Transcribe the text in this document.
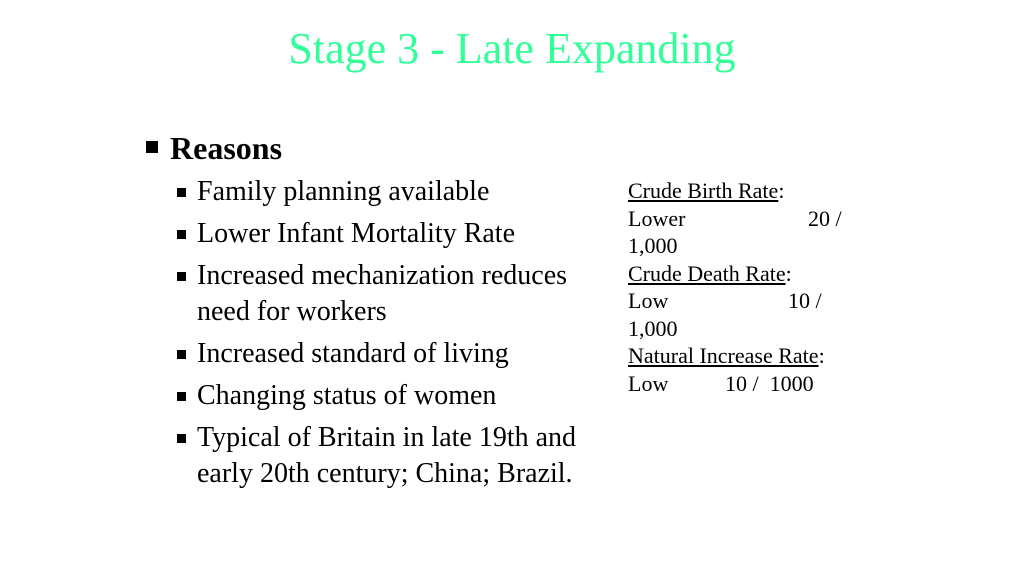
Stage 3 - Late Expanding
Reasons
Family planning available
Lower Infant Mortality Rate
Increased mechanization reduces need for workers
Increased standard of living
Changing status of women
Typical of Britain in late 19th and early 20th century; China; Brazil.
Crude Birth Rate:
Lower	20 /
1,000
Crude Death Rate:
Low	10 /
1,000
Natural Increase Rate:
Low	10 /  1000
